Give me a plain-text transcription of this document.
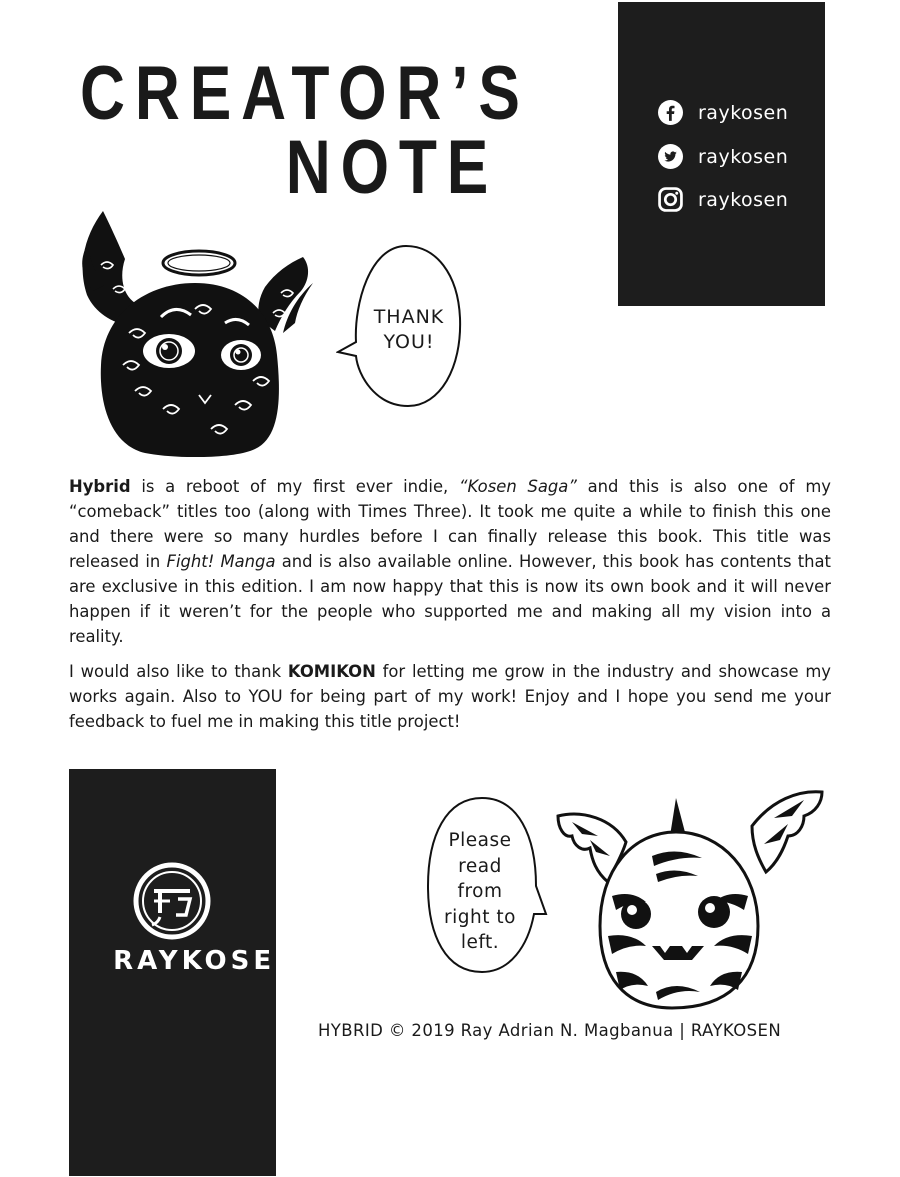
CREATOR’S
NOTE
raykosen
raykosen
raykosen
THANK
YOU!

Hybrid is a reboot of my first ever indie, “Kosen Saga” and this is also one of my “comeback” titles too (along with Times Three). It took me quite a while to finish this one and there were so many hurdles before I can finally release this book. This title was released in Fight! Manga and is also available online. However, this book has contents that are exclusive in this edition. I am now happy that this is now its own book and it will never happen if it weren’t for the people who supported me and making all my vision into a reality.

I would also like to thank KOMIKON for letting me grow in the industry and showcase my works again. Also to YOU for being part of my work! Enjoy and I hope you send me your feedback to fuel me in making this title project!

RAYKOSEN
Please
read
from
right to
left.
HYBRID © 2019 Ray Adrian N. Magbanua | RAYKOSEN
